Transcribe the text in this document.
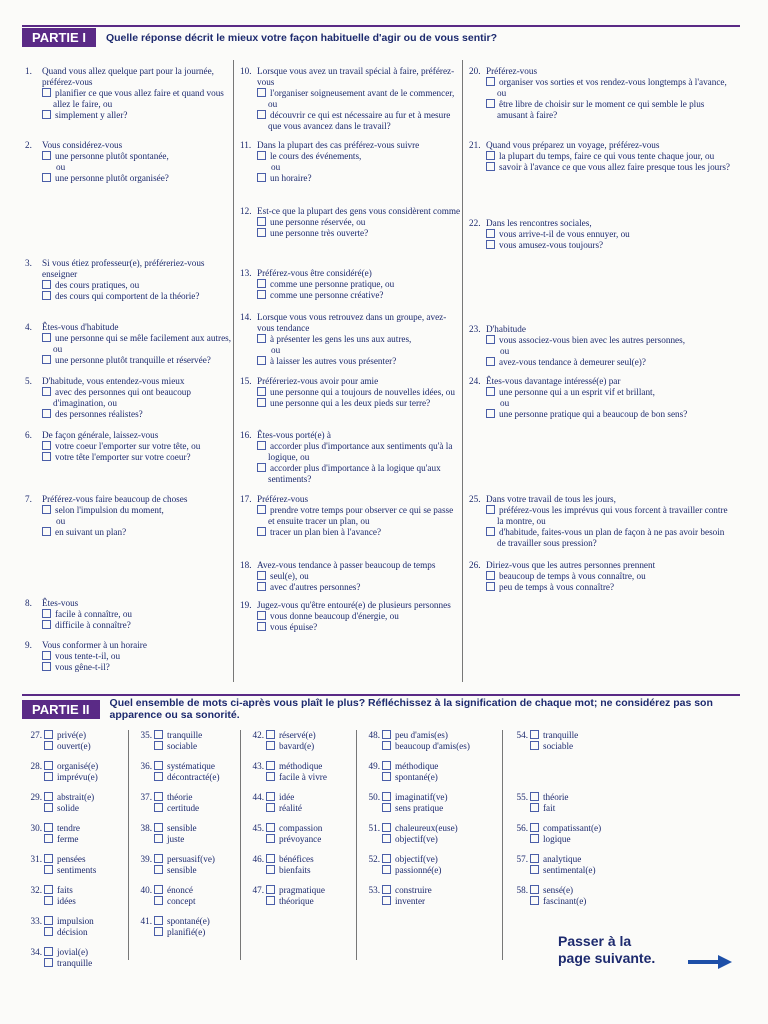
PARTIE I	Quelle réponse décrit le mieux votre façon habituelle d'agir ou de vous sentir?
1. Quand vous allez quelque part pour la journée, préférez-vous
planifier ce que vous allez faire et quand vous allez le faire, ou
simplement y aller?
2. Vous considérez-vous
une personne plutôt spontanée,
ou
une personne plutôt organisée?
3. Si vous étiez professeur(e), préféreriez-vous enseigner
des cours pratiques, ou
des cours qui comportent de la théorie?
4. Êtes-vous d'habitude
une personne qui se mêle facilement aux autres, ou
une personne plutôt tranquille et réservée?
5. D'habitude, vous entendez-vous mieux
avec des personnes qui ont beaucoup d'imagination, ou
des personnes réalistes?
6. De façon générale, laissez-vous
votre coeur l'emporter sur votre tête, ou
votre tête l'emporter sur votre coeur?
7. Préférez-vous faire beaucoup de choses
selon l'impulsion du moment,
ou
en suivant un plan?
8. Êtes-vous
facile à connaître, ou
difficile à connaître?
9. Vous conformer à un horaire
vous tente-t-il, ou
vous gêne-t-il?
10. Lorsque vous avez un travail spécial à faire, préférez-vous
l'organiser soigneusement avant de le commencer, ou
découvrir ce qui est nécessaire au fur et à mesure que vous avancez dans le travail?
11. Dans la plupart des cas préférez-vous suivre
le cours des événements,
ou
un horaire?
12. Est-ce que la plupart des gens vous considèrent comme
une personne réservée, ou
une personne très ouverte?
13. Préférez-vous être considéré(e)
comme une personne pratique, ou
comme une personne créative?
14. Lorsque vous vous retrouvez dans un groupe, avez-vous tendance
à présenter les gens les uns aux autres,
ou
à laisser les autres vous présenter?
15. Préféreriez-vous avoir pour amie
une personne qui a toujours de nouvelles idées, ou
une personne qui a les deux pieds sur terre?
16. Êtes-vous porté(e) à
accorder plus d'importance aux sentiments qu'à la logique, ou
accorder plus d'importance à la logique qu'aux sentiments?
17. Préférez-vous
prendre votre temps pour observer ce qui se passe et ensuite tracer un plan, ou
tracer un plan bien à l'avance?
18. Avez-vous tendance à passer beaucoup de temps
seul(e), ou
avec d'autres personnes?
19. Jugez-vous qu'être entouré(e) de plusieurs personnes
vous donne beaucoup d'énergie, ou
vous épuise?
20. Préférez-vous
organiser vos sorties et vos rendez-vous longtemps à l'avance, ou
être libre de choisir sur le moment ce qui semble le plus amusant à faire?
21. Quand vous préparez un voyage, préférez-vous
la plupart du temps, faire ce qui vous tente chaque jour, ou
savoir à l'avance ce que vous allez faire presque tous les jours?
22. Dans les rencontres sociales,
vous arrive-t-il de vous ennuyer, ou
vous amusez-vous toujours?
23. D'habitude
vous associez-vous bien avec les autres personnes,
ou
avez-vous tendance à demeurer seul(e)?
24. Êtes-vous davantage intéressé(e) par
une personne qui a un esprit vif et brillant,
ou
une personne pratique qui a beaucoup de bon sens?
25. Dans votre travail de tous les jours,
préférez-vous les imprévus qui vous forcent à travailler contre la montre, ou
d'habitude, faites-vous un plan de façon à ne pas avoir besoin de travailler sous pression?
26. Diriez-vous que les autres personnes prennent
beaucoup de temps à vous connaître, ou
peu de temps à vous connaître?
PARTIE II	Quel ensemble de mots ci-après vous plaît le plus? Réfléchissez à la signification de chaque mot; ne considérez pas son apparence ou sa sonorité.
27. privé(e)
ouvert(e)
28. organisé(e)
imprévu(e)
29. abstrait(e)
solide
30. tendre
ferme
31. pensées
sentiments
32. faits
idées
33. impulsion
décision
34. jovial(e)
tranquille
35. tranquille
sociable
36. systématique
décontracté(e)
37. théorie
certitude
38. sensible
juste
39. persuasif(ve)
sensible
40. énoncé
concept
41. spontané(e)
planifié(e)
42. réservé(e)
bavard(e)
43. méthodique
facile à vivre
44. idée
réalité
45. compassion
prévoyance
46. bénéfices
bienfaits
47. pragmatique
théorique
48. peu d'amis(es)
beaucoup d'amis(es)
49. méthodique
spontané(e)
50. imaginatif(ve)
sens pratique
51. chaleureux(euse)
objectif(ve)
52. objectif(ve)
passionné(e)
53. construire
inventer
54. tranquille
sociable
55. théorie
fait
56. compatissant(e)
logique
57. analytique
sentimental(e)
58. sensé(e)
fascinant(e)
Passer à la
page suivante.
